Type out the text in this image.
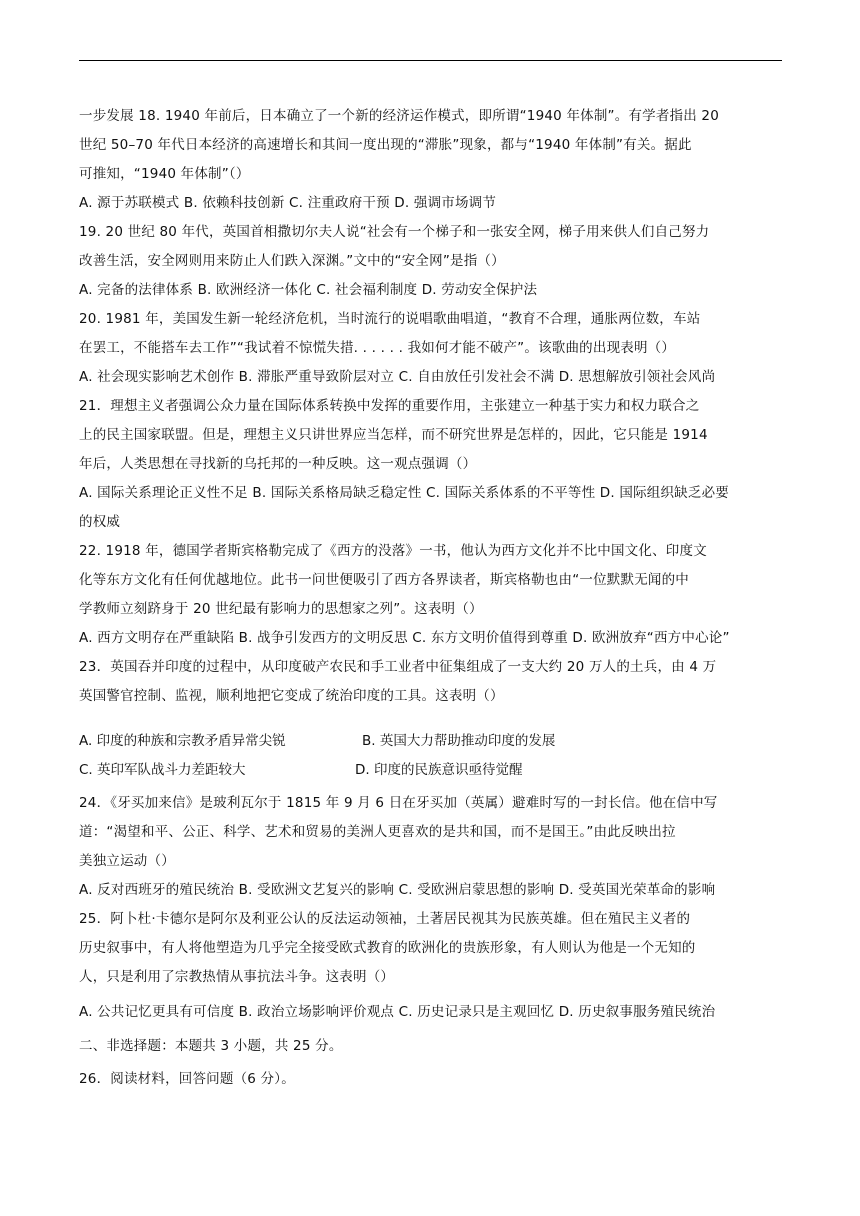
一步发展 18. 1940 年前后，日本确立了一个新的经济运作模式，即所谓“1940 年体制”。有学者指出 20
世纪 50–70 年代日本经济的高速增长和其间一度出现的“滞胀”现象，都与“1940 年体制”有关。据此
可推知，“1940 年体制”（）
A. 源于苏联模式 B. 依赖科技创新 C. 注重政府干预 D. 强调市场调节
19. 20 世纪 80 年代，英国首相撒切尔夫人说“社会有一个梯子和一张安全网，梯子用来供人们自己努力
改善生活，安全网则用来防止人们跌入深渊。”文中的“安全网”是指（）
A. 完备的法律体系 B. 欧洲经济一体化 C. 社会福利制度 D. 劳动安全保护法
20. 1981 年，美国发生新一轮经济危机，当时流行的说唱歌曲唱道，“教育不合理，通胀两位数，车站
在罢工，不能搭车去工作”“我试着不惊慌失措. . . . . . 我如何才能不破产”。该歌曲的出现表明（）
A. 社会现实影响艺术创作 B. 滞胀严重导致阶层对立 C. 自由放任引发社会不满 D. 思想解放引领社会风尚
21．理想主义者强调公众力量在国际体系转换中发挥的重要作用，主张建立一种基于实力和权力联合之
上的民主国家联盟。但是，理想主义只讲世界应当怎样，而不研究世界是怎样的，因此，它只能是 1914
年后，人类思想在寻找新的乌托邦的一种反映。这一观点强调（）
A. 国际关系理论正义性不足 B. 国际关系格局缺乏稳定性 C. 国际关系体系的不平等性 D. 国际组织缺乏必要
的权威
22. 1918 年，德国学者斯宾格勒完成了《西方的没落》一书，他认为西方文化并不比中国文化、印度文
化等东方文化有任何优越地位。此书一问世便吸引了西方各界读者，斯宾格勒也由“一位默默无闻的中
学教师立刻跻身于 20 世纪最有影响力的思想家之列”。这表明（）
A. 西方文明存在严重缺陷 B. 战争引发西方的文明反思 C. 东方文明价值得到尊重 D. 欧洲放弃“西方中心论”
23．英国吞并印度的过程中，从印度破产农民和手工业者中征集组成了一支大约 20 万人的土兵，由 4 万
英国警官控制、监视，顺利地把它变成了统治印度的工具。这表明（）
A. 印度的种族和宗教矛盾异常尖锐	B. 英国大力帮助推动印度的发展
C. 英印军队战斗力差距较大	D. 印度的民族意识亟待觉醒
24．《牙买加来信》是玻利瓦尔于 1815 年 9 月 6 日在牙买加（英属）避难时写的一封长信。他在信中写
道：“渴望和平、公正、科学、艺术和贸易的美洲人更喜欢的是共和国，而不是国王。”由此反映出拉
美独立运动（）
A. 反对西班牙的殖民统治 B. 受欧洲文艺复兴的影响 C. 受欧洲启蒙思想的影响 D. 受英国光荣革命的影响
25．阿卜杜·卡德尔是阿尔及利亚公认的反法运动领袖，土著居民视其为民族英雄。但在殖民主义者的
历史叙事中，有人将他塑造为几乎完全接受欧式教育的欧洲化的贵族形象，有人则认为他是一个无知的
人，只是利用了宗教热情从事抗法斗争。这表明（）
A. 公共记忆更具有可信度 B. 政治立场影响评价观点 C. 历史记录只是主观回忆 D. 历史叙事服务殖民统治
二、非选择题：本题共 3 小题，共 25 分。
26．阅读材料，回答问题（6 分）。
